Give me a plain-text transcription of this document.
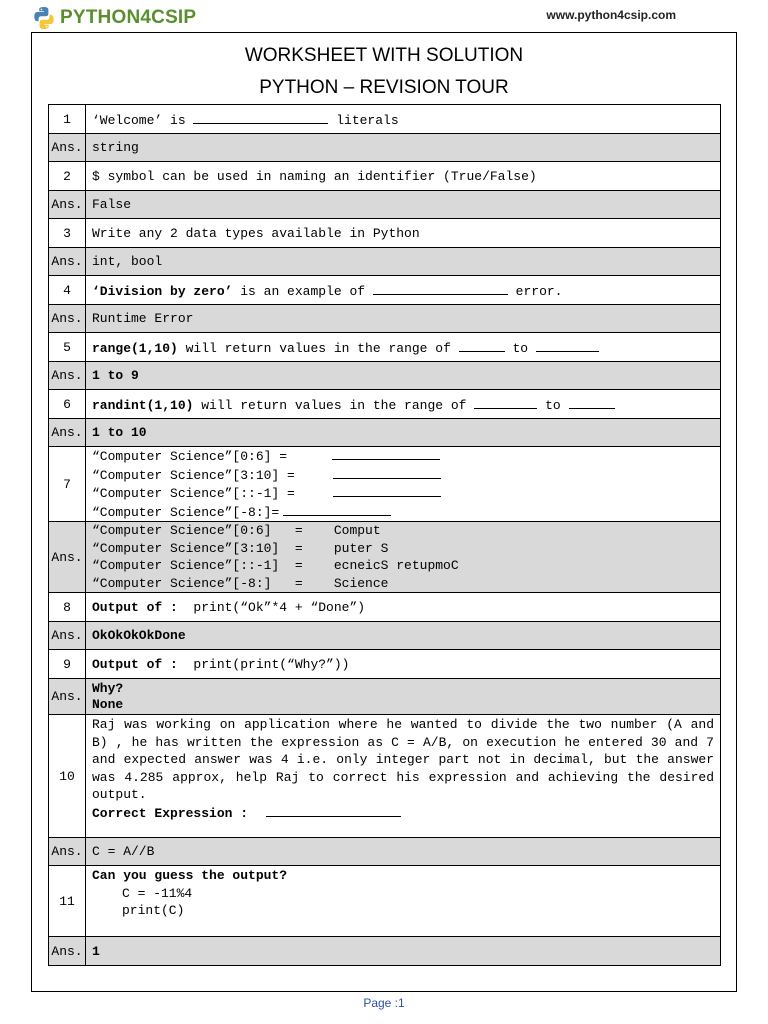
PYTHON4CSIP	www.python4csip.com
WORKSHEET WITH SOLUTION
PYTHON – REVISION TOUR
1	‘Welcome’ is literals
Ans.	string
2	$ symbol can be used in naming an identifier (True/False)
Ans.	False
3	Write any 2 data types available in Python
Ans.	int, bool
4	‘Division by zero’ is an example of error.
Ans.	Runtime Error
5	range(1,10) will return values in the range of to
Ans.	1 to 9
6	randint(1,10) will return values in the range of to
Ans.	1 to 10
7	“Computer Science”[0:6] =
“Computer Science”[3:10] =
“Computer Science”[::-1] =
“Computer Science”[-8:]=

Ans.	“Computer Science”[0:6]   =    Comput
“Computer Science”[3:10]  =    puter S
“Computer Science”[::-1]  =    ecneicS retupmoC
“Computer Science”[-8:]   =    Science

8	Output of :  print(“Ok”*4 + “Done”)
Ans.	OkOkOkOkDone
9	Output of :  print(print(“Why?”))
Ans.	Why?
None

10	Raj was working on application where he wanted to divide the two number (A and B) , he has written the expression as C = A/B, on execution he entered 30 and 7 and expected answer was 4 i.e. only integer part not in decimal, but the answer was 4.285 approx, help Raj to correct his expression and achieving the desired output.
Correct Expression :

Ans.	C = A//B
11	Can you guess the output?
C = -11%4
print(C)

Ans.	1
Page :1
